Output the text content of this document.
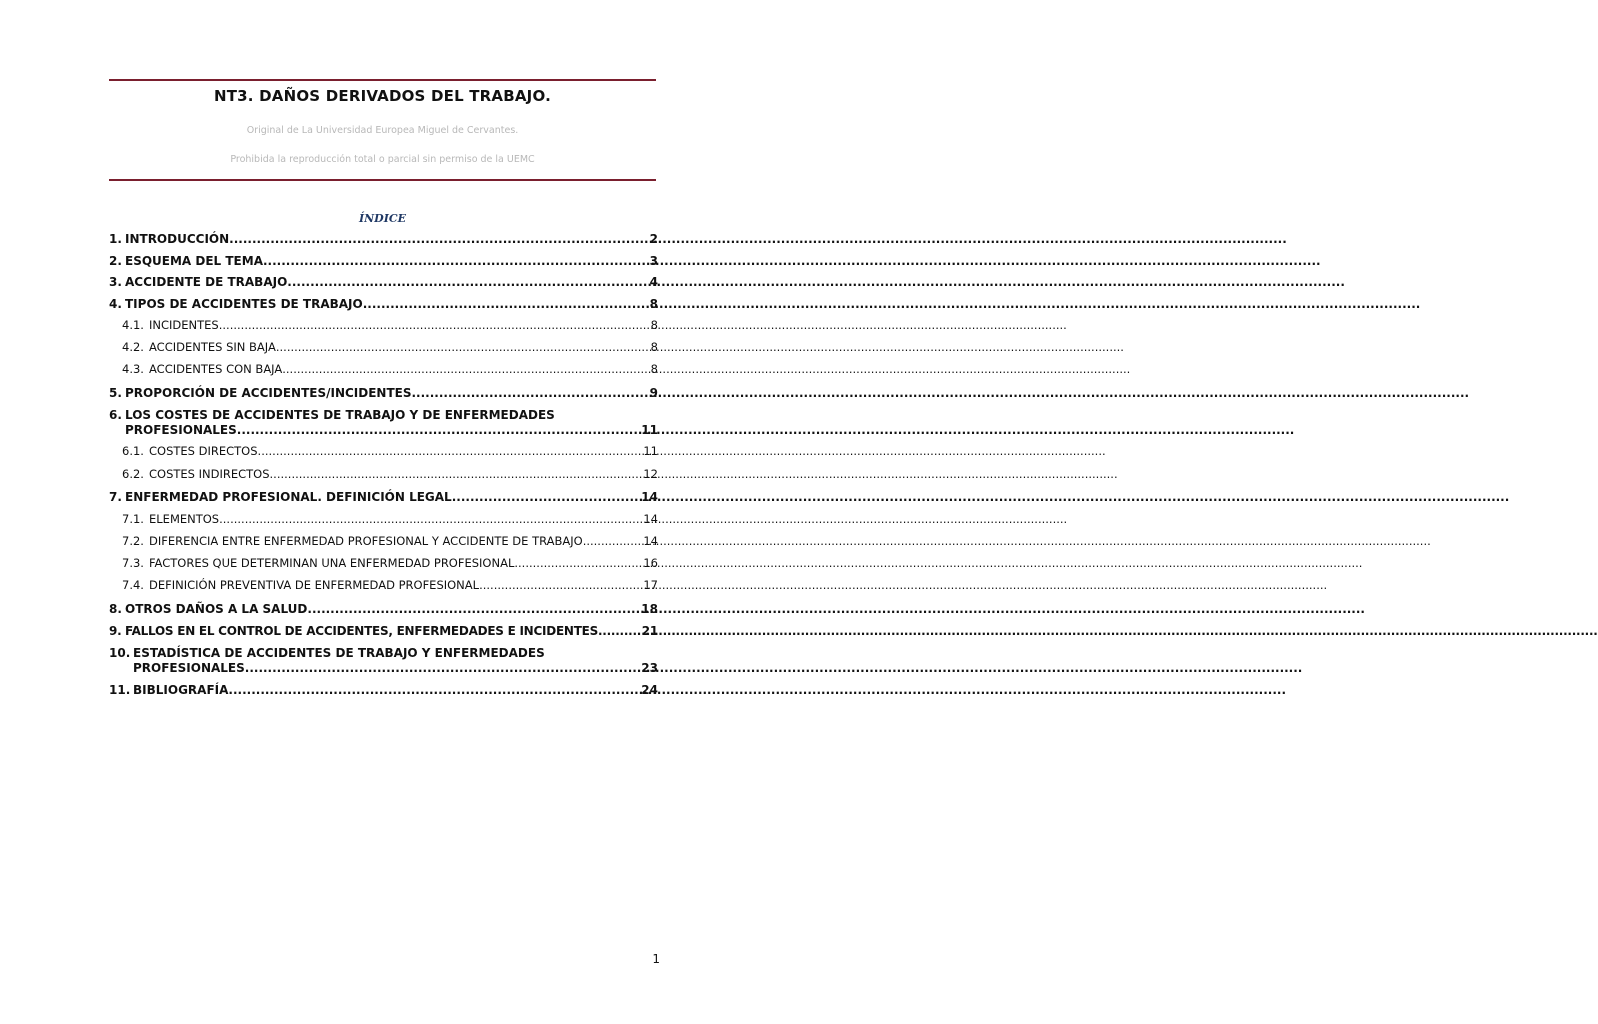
NT3. DAÑOS DERIVADOS DEL TRABAJO.
Original de La Universidad Europea Miguel de Cervantes.
Prohibida la reproducción total o parcial sin permiso de la UEMC
ÍNDICE
1. INTRODUCCIÓN .....	2
2. ESQUEMA DEL TEMA .....	3
3. ACCIDENTE DE TRABAJO .....	4
4. TIPOS DE ACCIDENTES DE TRABAJO .....	8
4.1. INCIDENTES .....	8
4.2. ACCIDENTES SIN BAJA .....	8
4.3. ACCIDENTES CON BAJA .....	8
5. PROPORCIÓN DE ACCIDENTES/INCIDENTES .....	9
6. LOS COSTES DE ACCIDENTES DE TRABAJO Y DE ENFERMEDADES
PROFESIONALES .....	11
6.1. COSTES DIRECTOS .....	11
6.2. COSTES INDIRECTOS .....	12
7. ENFERMEDAD PROFESIONAL. DEFINICIÓN LEGAL .....	14
7.1. ELEMENTOS .....	14
7.2. DIFERENCIA ENTRE ENFERMEDAD PROFESIONAL Y ACCIDENTE DE TRABAJO .....	14
7.3. FACTORES QUE DETERMINAN UNA ENFERMEDAD PROFESIONAL .....	16
7.4. DEFINICIÓN PREVENTIVA DE ENFERMEDAD PROFESIONAL .....	17
8. OTROS DAÑOS A LA SALUD .....	18
9. FALLOS EN EL CONTROL DE ACCIDENTES, ENFERMEDADES E INCIDENTES .....	21
10. ESTADÍSTICA DE ACCIDENTES DE TRABAJO Y ENFERMEDADES
PROFESIONALES .....	23
11. BIBLIOGRAFÍA .....	24
1
